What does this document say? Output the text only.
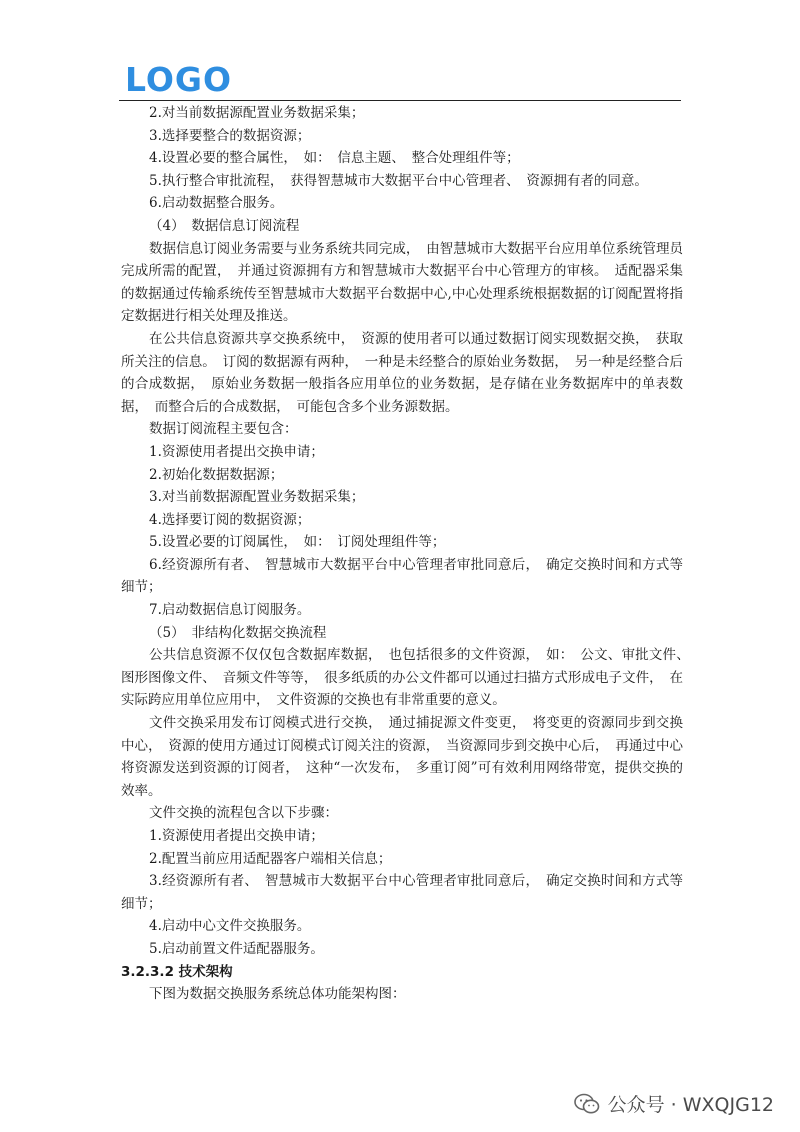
LOGO

2.对当前数据源配置业务数据采集；

3.选择要整合的数据资源；

4.设置必要的整合属性，　如：　信息主题、　整合处理组件等；

5.执行整合审批流程，　获得智慧城市大数据平台中心管理者、　资源拥有者的同意。

6.启动数据整合服务。

（4）　数据信息订阅流程

数据信息订阅业务需要与业务系统共同完成，　由智慧城市大数据平台应用单位系统管理员完成所需的配置，　并通过资源拥有方和智慧城市大数据平台中心管理方的审核。　适配器采集的数据通过传输系统传至智慧城市大数据平台数据中心,中心处理系统根据数据的订阅配置将指定数据进行相关处理及推送。

在公共信息资源共享交换系统中，　资源的使用者可以通过数据订阅实现数据交换，　获取所关注的信息。　订阅的数据源有两种，　一种是未经整合的原始业务数据，　另一种是经整合后的合成数据，　原始业务数据一般指各应用单位的业务数据，是存储在业务数据库中的单表数据，　而整合后的合成数据，　可能包含多个业务源数据。

数据订阅流程主要包含：

1.资源使用者提出交换申请；

2.初始化数据数据源；

3.对当前数据源配置业务数据采集；

4.选择要订阅的数据资源；

5.设置必要的订阅属性，　如：　订阅处理组件等；

6.经资源所有者、　智慧城市大数据平台中心管理者审批同意后，　确定交换时间和方式等细节；

7.启动数据信息订阅服务。

（5）　非结构化数据交换流程

公共信息资源不仅仅包含数据库数据，　也包括很多的文件资源，　如：　公文、审批文件、　图形图像文件、　音频文件等等，　很多纸质的办公文件都可以通过扫描方式形成电子文件，　在实际跨应用单位应用中，　文件资源的交换也有非常重要的意义。

文件交换采用发布订阅模式进行交换，　通过捕捉源文件变更，　将变更的资源同步到交换中心，　资源的使用方通过订阅模式订阅关注的资源，　当资源同步到交换中心后，　再通过中心将资源发送到资源的订阅者，　这种“一次发布，　多重订阅”可有效利用网络带宽，提供交换的效率。

文件交换的流程包含以下步骤：

1.资源使用者提出交换申请；

2.配置当前应用适配器客户端相关信息；

3.经资源所有者、　智慧城市大数据平台中心管理者审批同意后，　确定交换时间和方式等细节；

4.启动中心文件交换服务。

5.启动前置文件适配器服务。

3.2.3.2 技术架构

下图为数据交换服务系统总体功能架构图：

公众号 · WXQJG12
